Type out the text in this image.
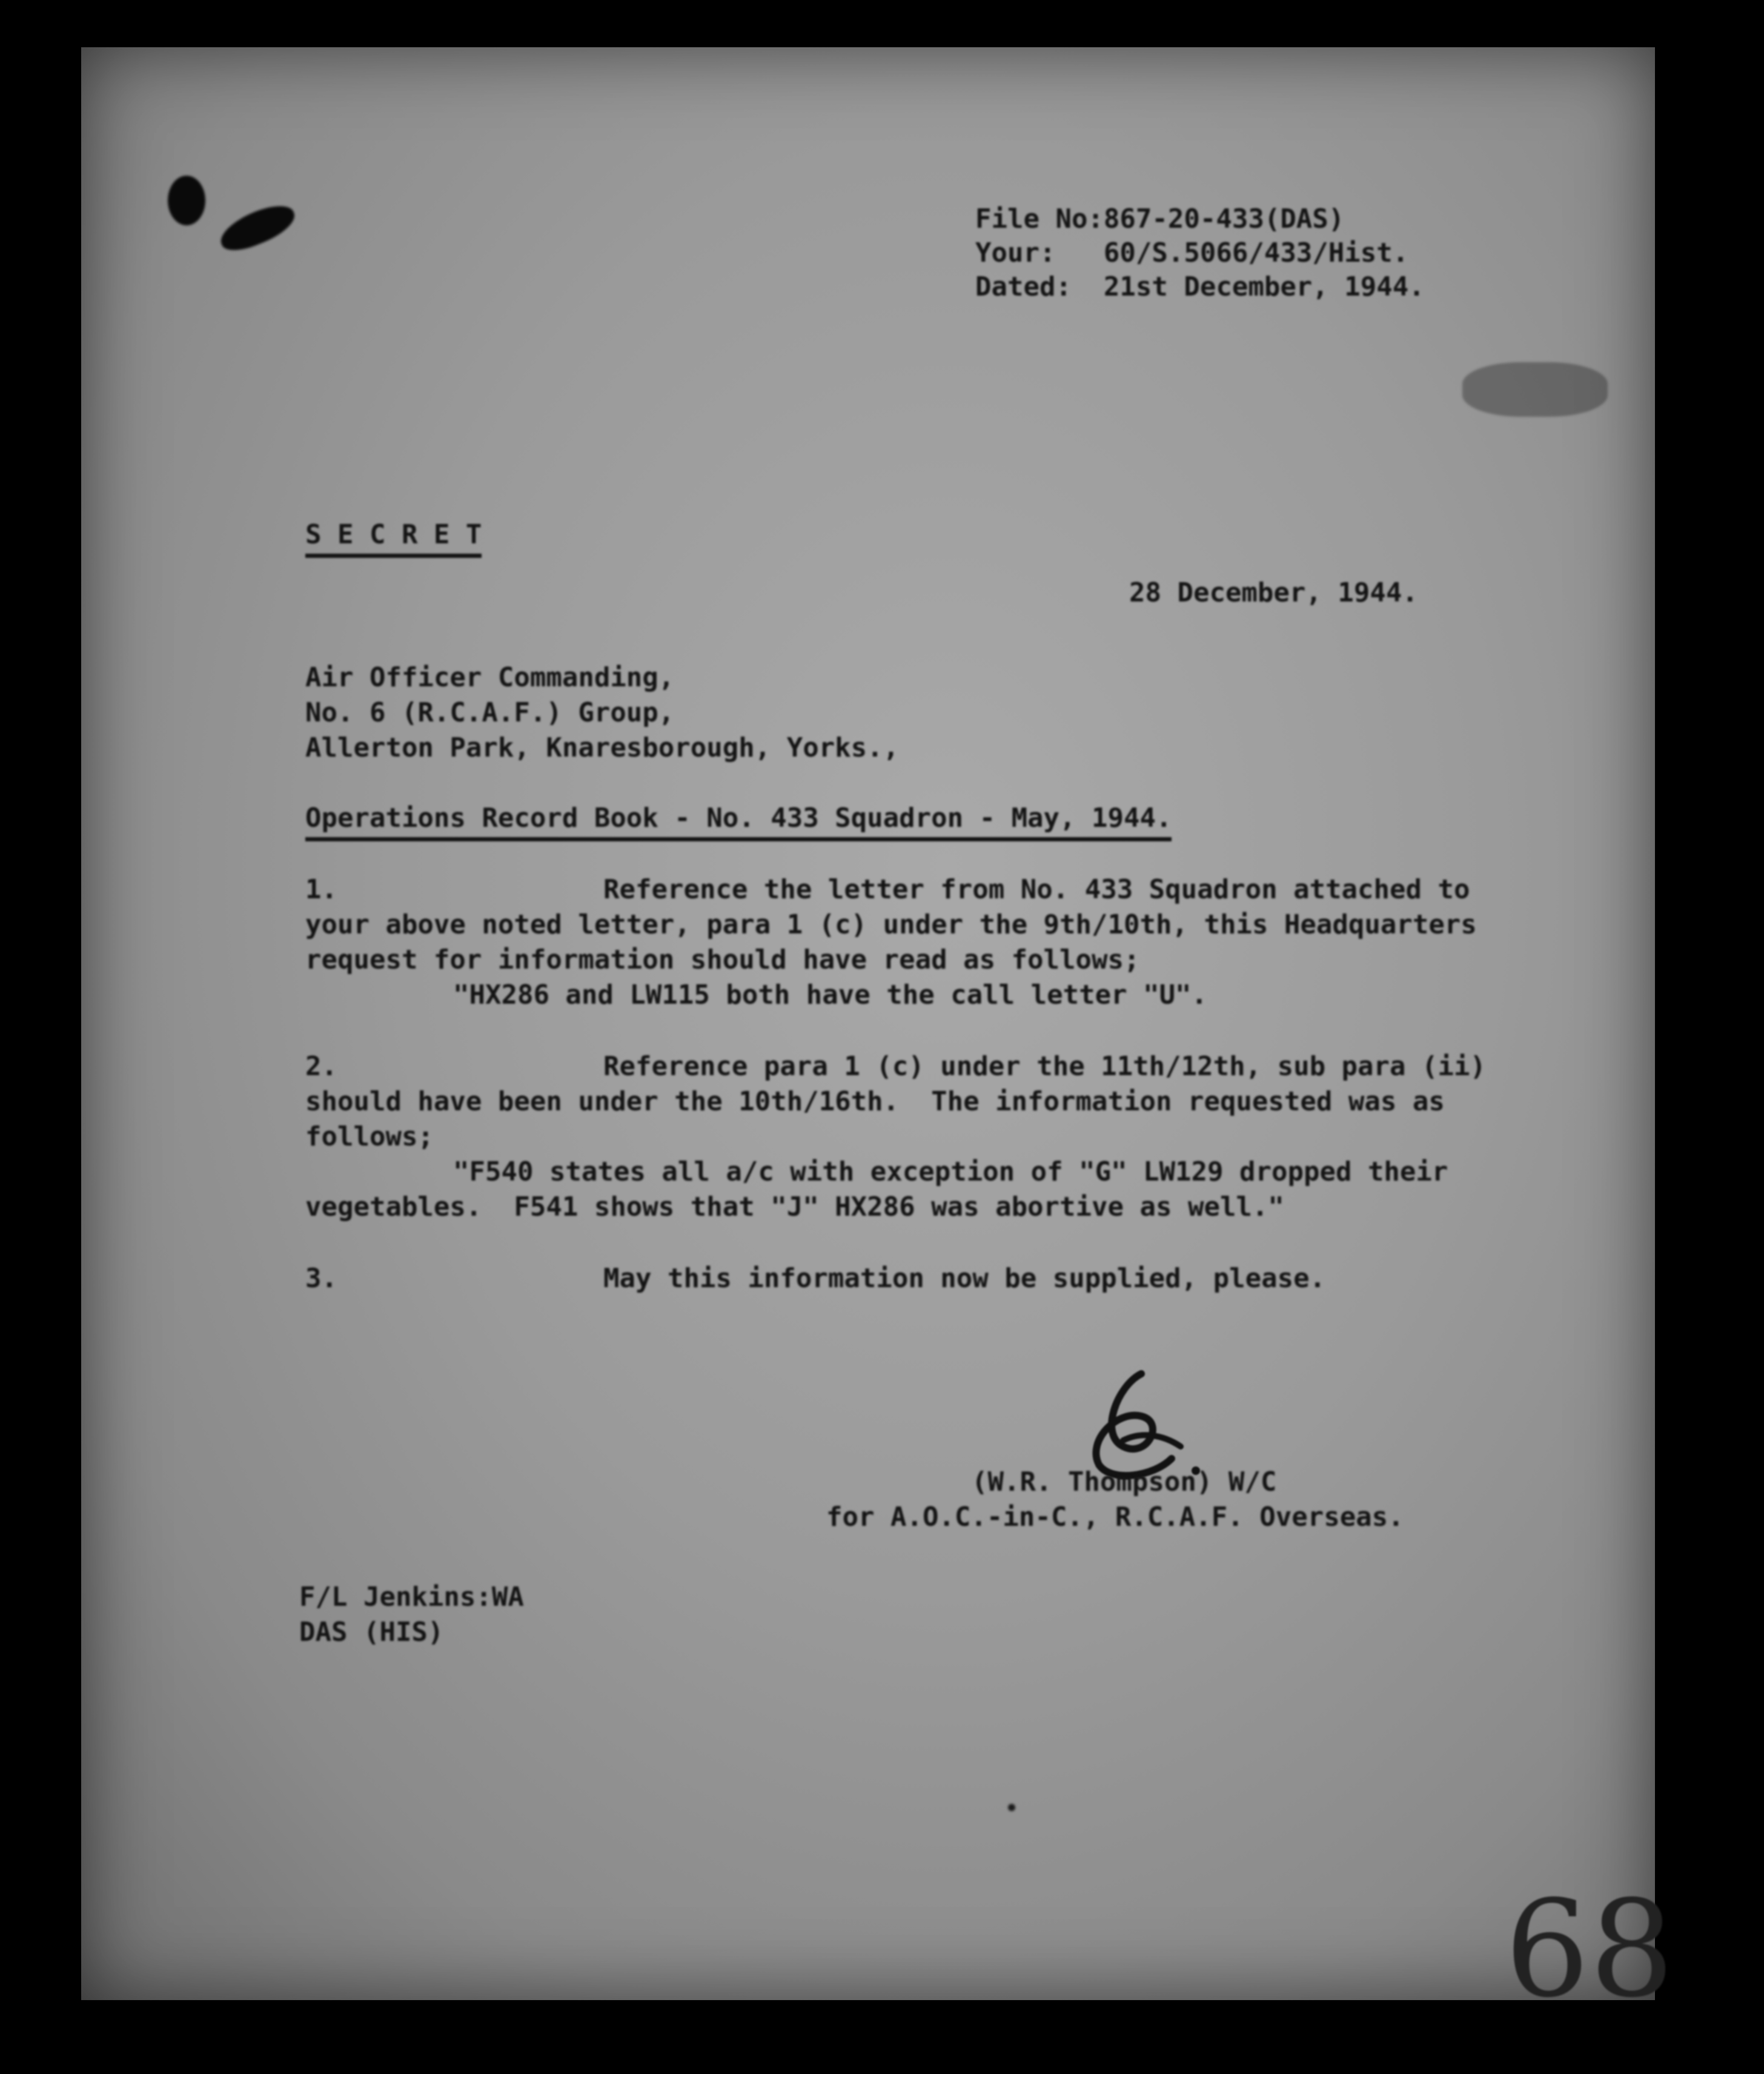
File No:867-20-433(DAS)

Your:   60/S.5066/433/Hist.

Dated:  21st December, 1944.

S E C R E T

28 December, 1944.

Air Officer Commanding,

No. 6 (R.C.A.F.) Group,

Allerton Park, Knaresborough, Yorks.,

Operations Record Book - No. 433 Squadron - May, 1944.

1.	Reference the letter from No. 433 Squadron attached to

your above noted letter, para 1 (c) under the 9th/10th, this Headquarters

request for information should have read as follows;

"HX286 and LW115 both have the call letter "U".

2.	Reference para 1 (c) under the 11th/12th, sub para (ii)

should have been under the 10th/16th.  The information requested was as

follows;

"F540 states all a/c with exception of "G" LW129 dropped their

vegetables.  F541 shows that "J" HX286 was abortive as well."

3.	May this information now be supplied, please.

(W.R. Thompson) W/C

for A.O.C.-in-C., R.C.A.F. Overseas.

F/L Jenkins:WA

DAS (HIS)

68
